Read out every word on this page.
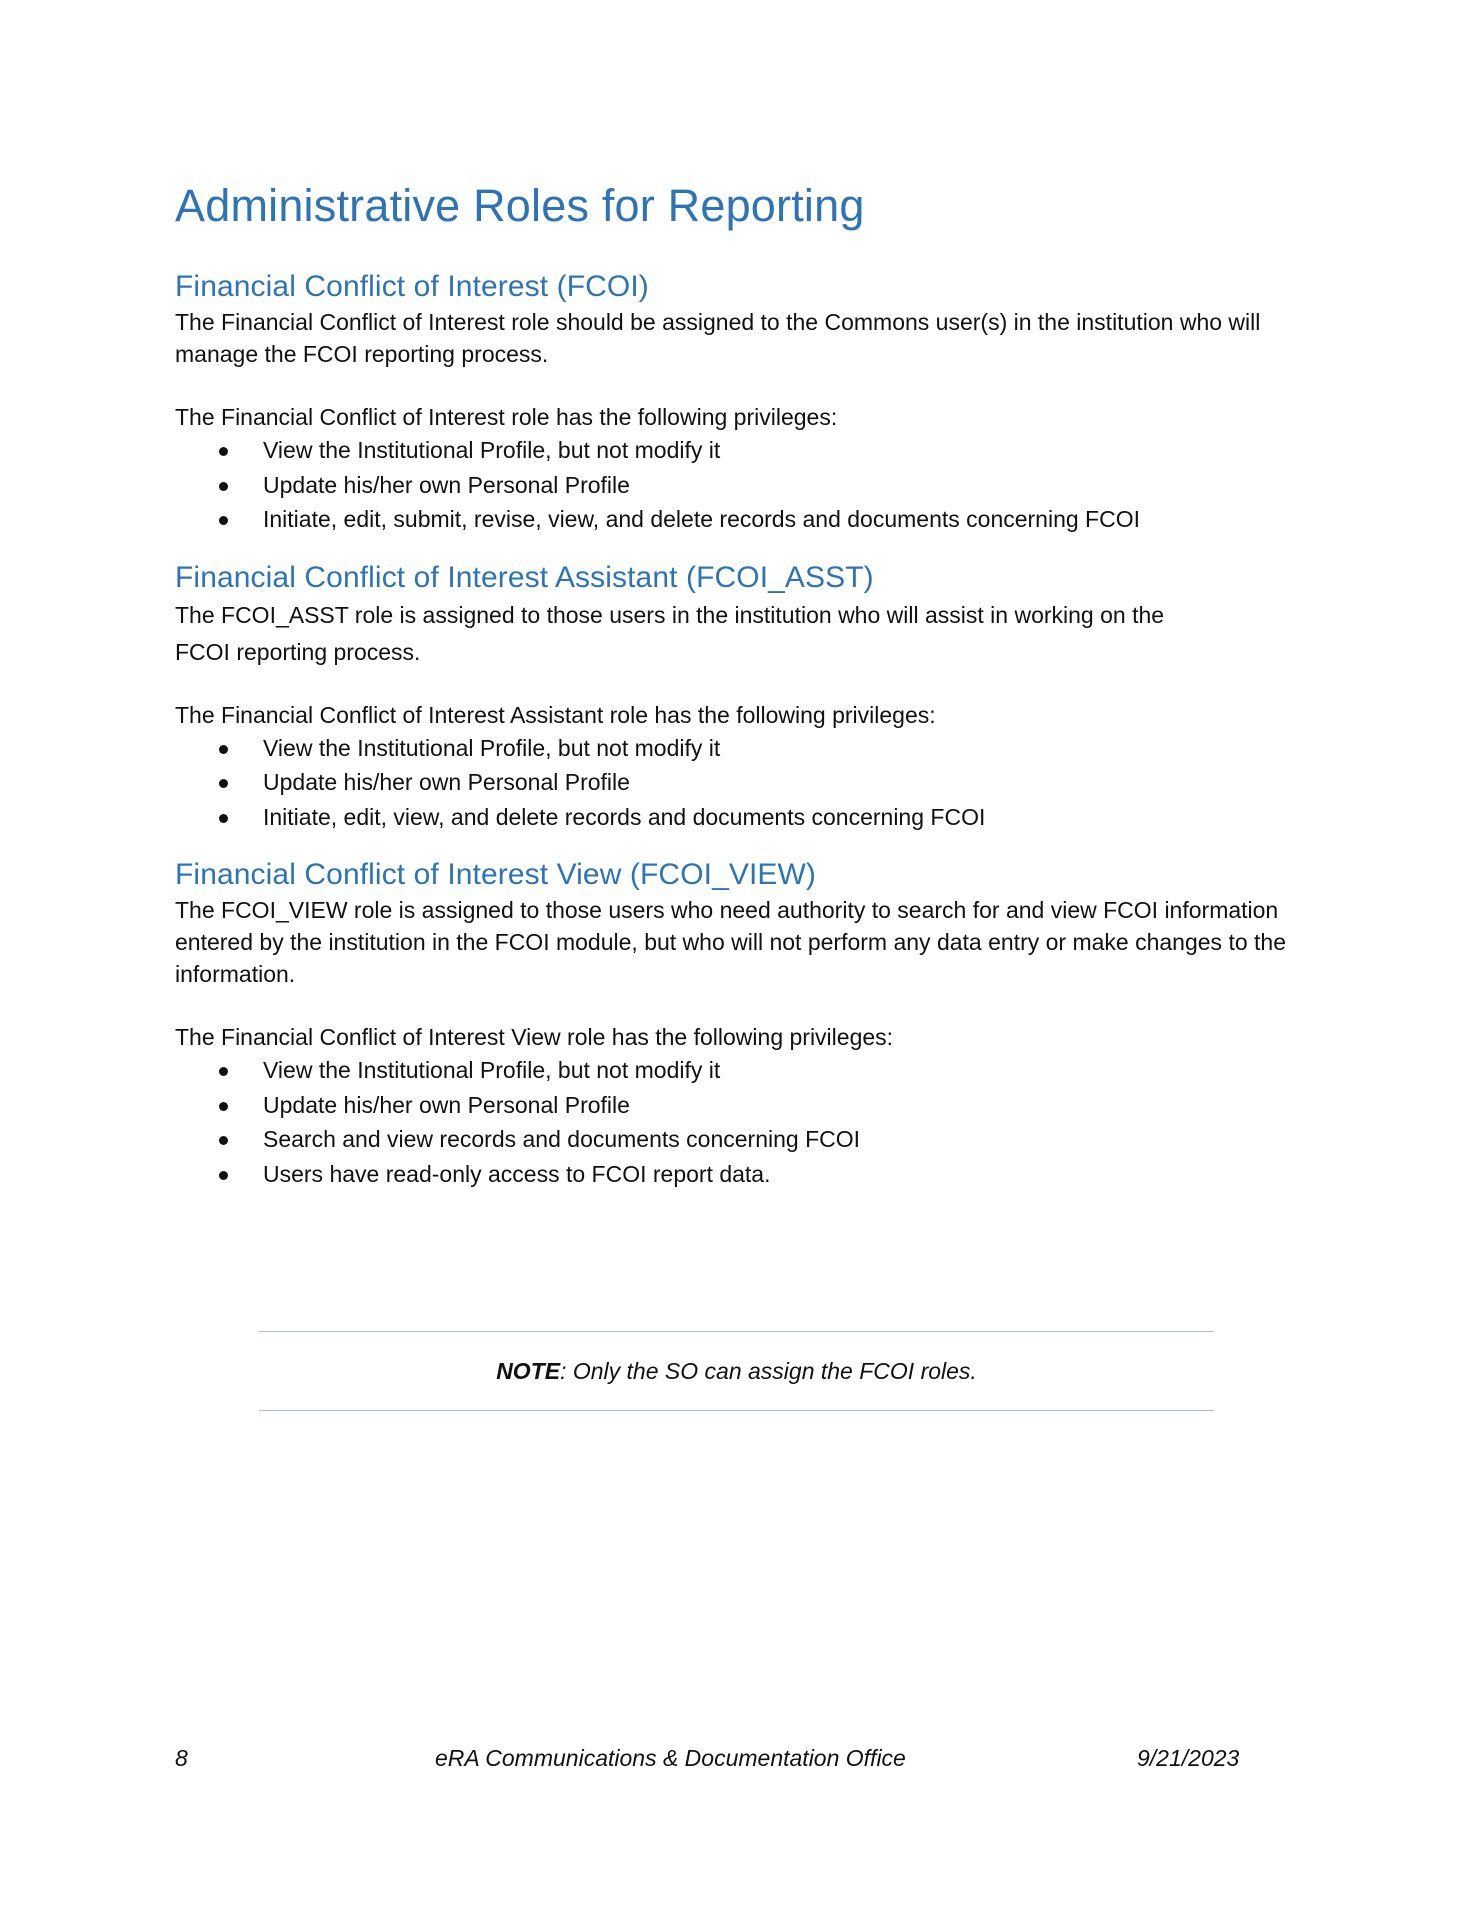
Administrative Roles for Reporting
Financial Conflict of Interest (FCOI)

The Financial Conflict of Interest role should be assigned to the Commons user(s) in the institution who will manage the FCOI reporting process.

The Financial Conflict of Interest role has the following privileges:

View the Institutional Profile, but not modify it
Update his/her own Personal Profile
Initiate, edit, submit, revise, view, and delete records and documents concerning FCOI
Financial Conflict of Interest Assistant (FCOI_ASST)

The FCOI_ASST role is assigned to those users in the institution who will assist in working on the

FCOI reporting process.

The Financial Conflict of Interest Assistant role has the following privileges:

View the Institutional Profile, but not modify it
Update his/her own Personal Profile
Initiate, edit, view, and delete records and documents concerning FCOI
Financial Conflict of Interest View (FCOI_VIEW)

The FCOI_VIEW role is assigned to those users who need authority to search for and view FCOI information entered by the institution in the FCOI module, but who will not perform any data entry or make changes to the information.

The Financial Conflict of Interest View role has the following privileges:

View the Institutional Profile, but not modify it
Update his/her own Personal Profile
Search and view records and documents concerning FCOI
Users have read-only access to FCOI report data.
NOTE: Only the SO can assign the FCOI roles.
8	eRA Communications & Documentation Office	9/21/2023
